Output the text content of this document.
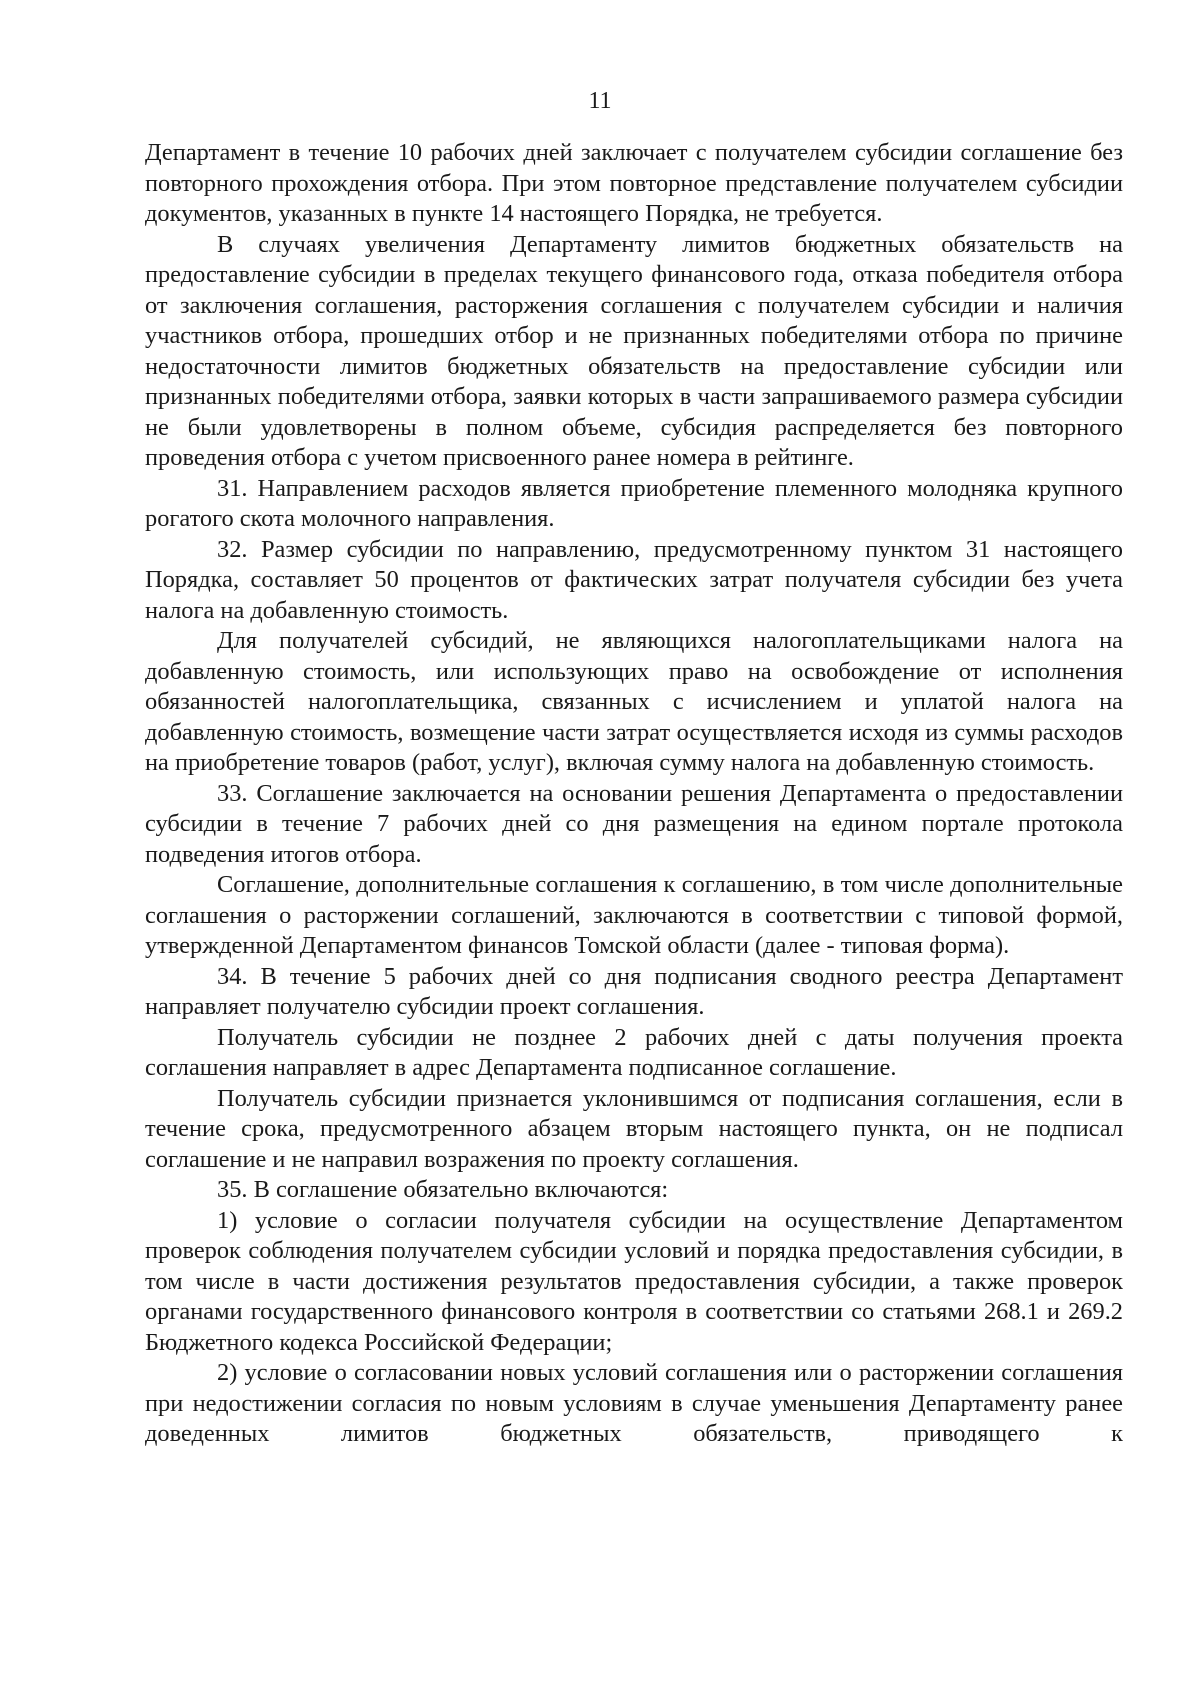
11

Департамент в течение 10 рабочих дней заключает с получателем субсидии соглашение без повторного прохождения отбора. При этом повторное представление получателем субсидии документов, указанных в пункте 14 настоящего Порядка, не требуется.

В случаях увеличения Департаменту лимитов бюджетных обязательств на предоставление субсидии в пределах текущего финансового года, отказа победителя отбора от заключения соглашения, расторжения соглашения с получателем субсидии и наличия участников отбора, прошедших отбор и не признанных победителями отбора по причине недостаточности лимитов бюджетных обязательств на предоставление субсидии или признанных победителями отбора, заявки которых в части запрашиваемого размера субсидии не были удовлетворены в полном объеме, субсидия распределяется без повторного проведения отбора с учетом присвоенного ранее номера в рейтинге.

31. Направлением расходов является приобретение племенного молодняка крупного рогатого скота молочного направления.

32. Размер субсидии по направлению, предусмотренному пунктом 31 настоящего Порядка, составляет 50 процентов от фактических затрат получателя субсидии без учета налога на добавленную стоимость.

Для получателей субсидий, не являющихся налогоплательщиками налога на добавленную стоимость, или использующих право на освобождение от исполнения обязанностей налогоплательщика, связанных с исчислением и уплатой налога на добавленную стоимость, возмещение части затрат осуществляется исходя из суммы расходов на приобретение товаров (работ, услуг), включая сумму налога на добавленную стоимость.

33. Соглашение заключается на основании решения Департамента о предоставлении субсидии в течение 7 рабочих дней со дня размещения на едином портале протокола подведения итогов отбора.

Соглашение, дополнительные соглашения к соглашению, в том числе дополнительные соглашения о расторжении соглашений, заключаются в соответствии с типовой формой, утвержденной Департаментом финансов Томской области (далее - типовая форма).

34. В течение 5 рабочих дней со дня подписания сводного реестра Департамент направляет получателю субсидии проект соглашения.

Получатель субсидии не позднее 2 рабочих дней с даты получения проекта соглашения направляет в адрес Департамента подписанное соглашение.

Получатель субсидии признается уклонившимся от подписания соглашения, если в течение срока, предусмотренного абзацем вторым настоящего пункта, он не подписал соглашение и не направил возражения по проекту соглашения.

35. В соглашение обязательно включаются:

1) условие о согласии получателя субсидии на осуществление Департаментом проверок соблюдения получателем субсидии условий и порядка предоставления субсидии, в том числе в части достижения результатов предоставления субсидии, а также проверок органами государственного финансового контроля в соответствии со статьями 268.1 и 269.2 Бюджетного кодекса Российской Федерации;

2) условие о согласовании новых условий соглашения или о расторжении соглашения при недостижении согласия по новым условиям в случае уменьшения Департаменту ранее доведенных лимитов бюджетных обязательств, приводящего к
